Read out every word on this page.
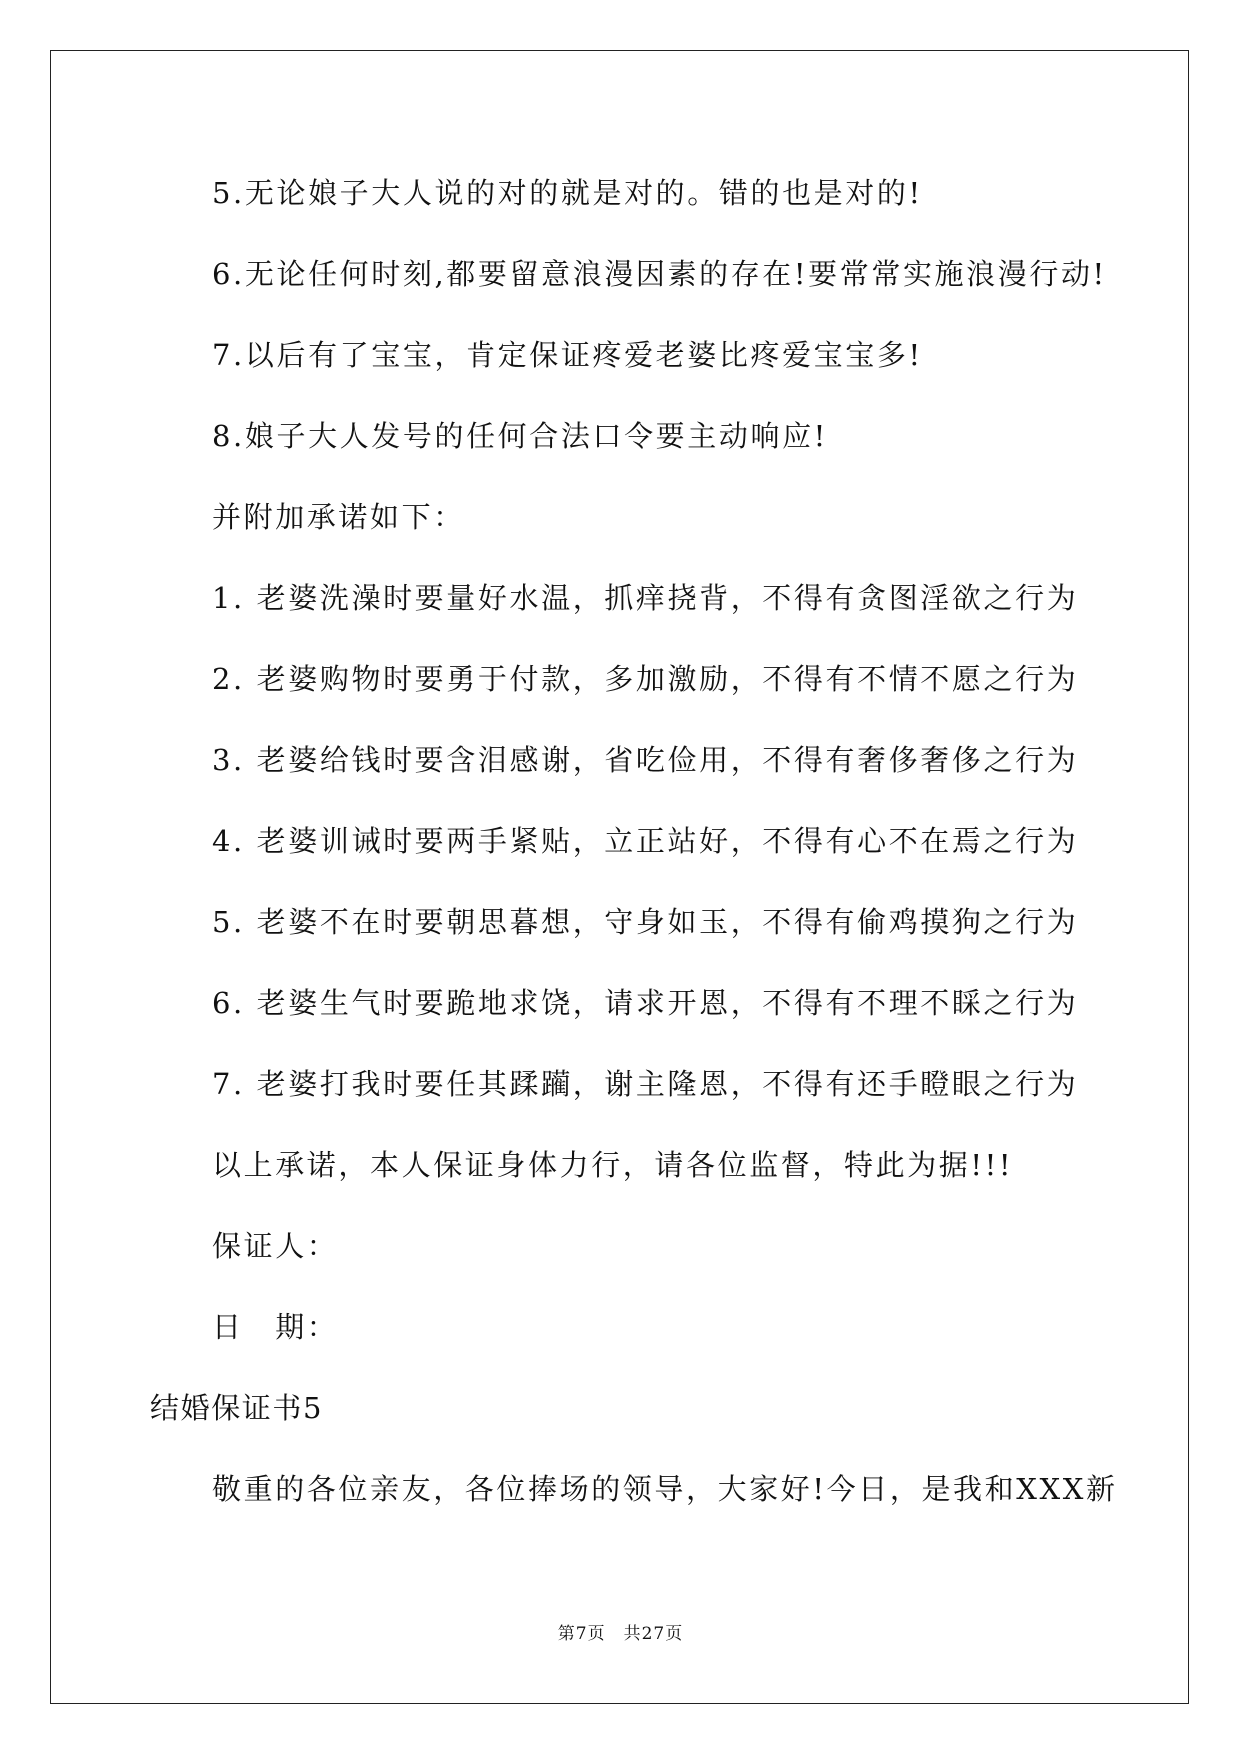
5.无论娘子大人说的对的就是对的。错的也是对的!
6.无论任何时刻,都要留意浪漫因素的存在!要常常实施浪漫行动!
7.以后有了宝宝，肯定保证疼爱老婆比疼爱宝宝多!
8.娘子大人发号的任何合法口令要主动响应!
并附加承诺如下：
1. 老婆洗澡时要量好水温，抓痒挠背，不得有贪图淫欲之行为
2. 老婆购物时要勇于付款，多加激励，不得有不情不愿之行为
3. 老婆给钱时要含泪感谢，省吃俭用，不得有奢侈奢侈之行为
4. 老婆训诫时要两手紧贴，立正站好，不得有心不在焉之行为
5. 老婆不在时要朝思暮想，守身如玉，不得有偷鸡摸狗之行为
6. 老婆生气时要跪地求饶，请求开恩，不得有不理不睬之行为
7. 老婆打我时要任其蹂躏，谢主隆恩，不得有还手瞪眼之行为
以上承诺，本人保证身体力行，请各位监督，特此为据!!!
保证人：
日　期：
结婚保证书5
敬重的各位亲友，各位捧场的领导，大家好!今日，是我和XXX新
第7页　共27页
